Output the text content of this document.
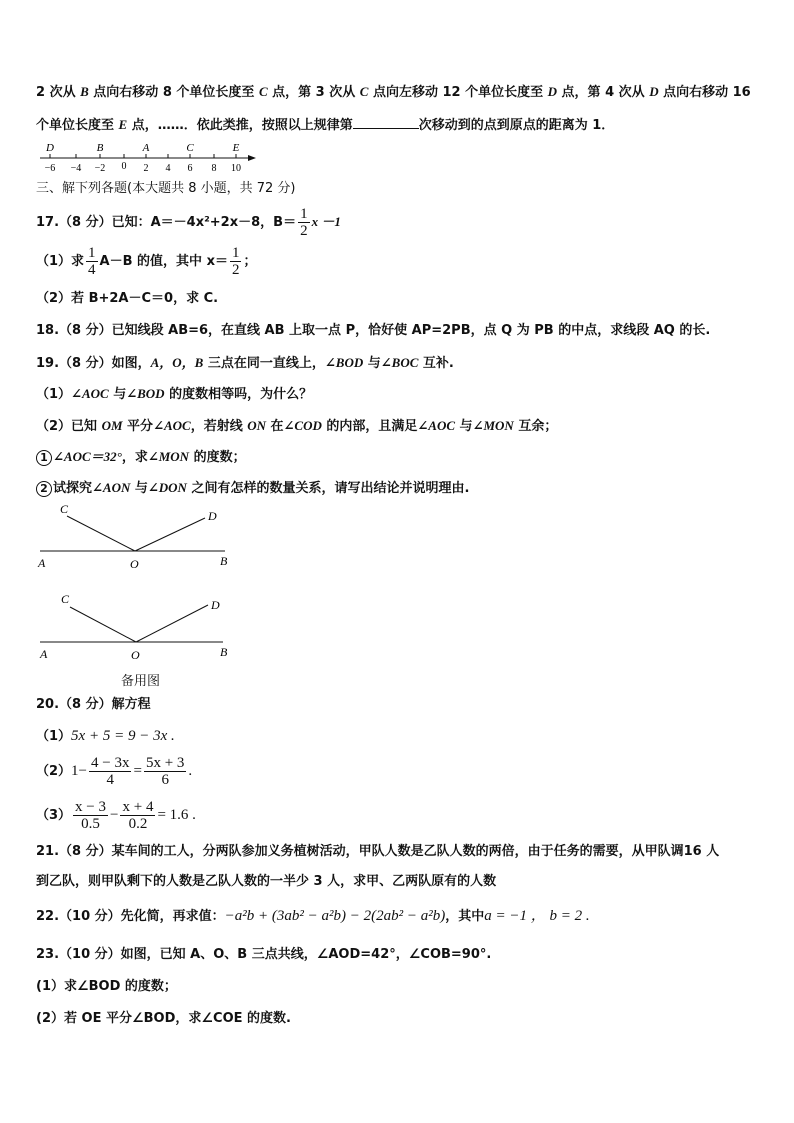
2 次从 B 点向右移动 8 个单位长度至 C 点，第 3 次从 C 点向左移动 12 个单位长度至 D 点，第 4 次从 D 点向右移动 16
个单位长度至 E 点，……．依此类推，按照以上规律第	次移动到的点到原点的距离为 1．
D	B	A	C	E
−6 −4 −2 0 2 4 6 8 10
三、解下列各题(本大题共 8 小题，共 72 分)
17.（8 分）已知：A＝－4x²+2x－8，$B= \frac{1}{2}$ x －1
（1）求 $\frac{1}{4} A-B$ 的值，其中 $x= \frac{1}{2}$ ；
（2）若 B+2A－C＝0，求 C.
18.（8 分）已知线段 AB=6，在直线 AB 上取一点 P，恰好使 AP=2PB，点 Q 为 PB 的中点，求线段 AQ 的长.
19.（8 分）如图，A，O，B 三点在同一直线上，∠BOD 与∠BOC 互补.
（1）∠AOC 与∠BOD 的度数相等吗，为什么？
（2）已知 OM 平分∠AOC，若射线 ON 在∠COD 的内部，且满足∠AOC 与∠MON 互余；
1 ∠AOC＝32°，求∠MON 的度数；
2 试探究∠AON 与∠DON 之间有怎样的数量关系，请写出结论并说明理由.
C	D
A	O	B
C	D
A	O	B
备用图
20.（8 分）解方程
（1）5x + 5 = 9 − 3x .
$(2)1- \frac{4 - 3x}{4} = \frac{5x + 3}{6}$ .
$(3) \frac{x - 3}{0.5} - \frac{x + 4}{0.2} = 1.6$ .
21.（8 分）某车间的工人，分两队参加义务植树活动，甲队人数是乙队人数的两倍，由于任务的需要，从甲队调16 人
到乙队，则甲队剩下的人数是乙队人数的一半少 3 人，求甲、乙两队原有的人数
22.（10 分）先化简，再求值：−a²b + (3ab² − a²b) − 2(2ab² − a²b)，其中a = −1 ， b = 2 .
23.（10 分）如图，已知 A、O、B 三点共线，∠AOD=42°，∠COB=90°.
(1）求∠BOD 的度数；
(2）若 OE 平分∠BOD，求∠COE 的度数.
